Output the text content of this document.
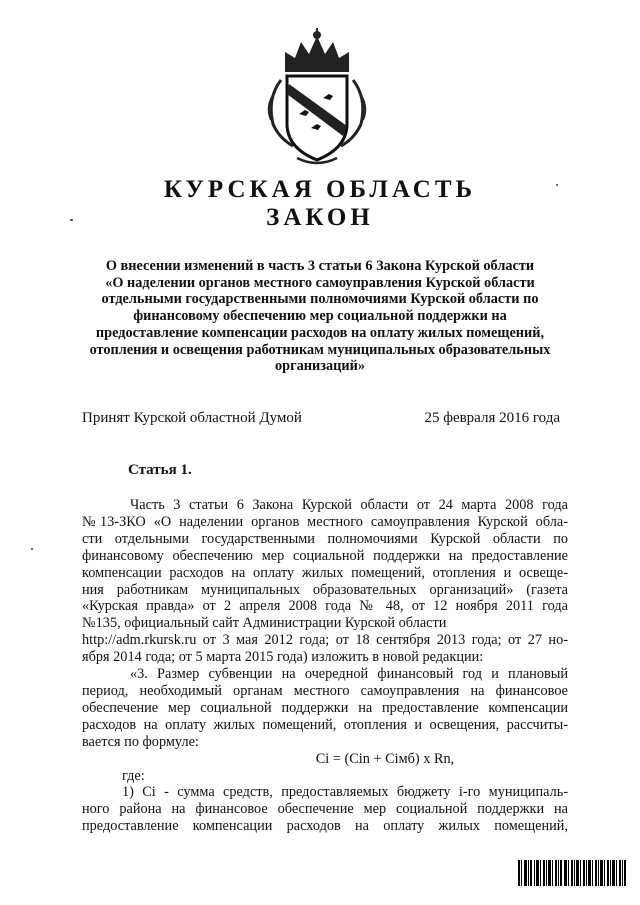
КУРСКАЯ ОБЛАСТЬ
ЗАКОН
О внесении изменений в часть 3 статьи 6 Закона Курской области
«О наделении органов местного самоуправления Курской области
отдельными государственными полномочиями Курской области по
финансовому обеспечению мер социальной поддержки на
предоставление компенсации расходов на оплату жилых помещений,
отопления и освещения работникам муниципальных образовательных
организаций»
Принят Курской областной Думой	25 февраля 2016 года
Статья 1.
Часть 3 статьи 6 Закона Курской области от 24 марта 2008 года
№13-ЗКО «О наделении органов местного самоуправления Курской обла-
сти отдельными государственными полномочиями Курской области по
финансовому обеспечению мер социальной поддержки на предоставление
компенсации расходов на оплату жилых помещений, отопления и освеще-
ния работникам муниципальных образовательных организаций» (газета
«Курская правда» от 2 апреля 2008 года № 48, от 12 ноября 2011 года
№135, официальный сайт Администрации Курской области
http://adm.rkursk.ru от 3 мая 2012 года; от 18 сентября 2013 года; от 27 но-
ября 2014 года; от 5 марта 2015 года) изложить в новой редакции:
«3. Размер субвенции на очередной финансовый год и плановый
период, необходимый органам местного самоуправления на финансовое
обеспечение мер социальной поддержки на предоставление компенсации
расходов на оплату жилых помещений, отопления и освещения, рассчиты-
вается по формуле:
Сi = (Сin + Сiмб) x Rn,
где:
1) Сi - сумма средств, предоставляемых бюджету i-го муниципаль-
ного района на финансовое обеспечение мер социальной поддержки на
предоставление компенсации расходов на оплату жилых помещений,
